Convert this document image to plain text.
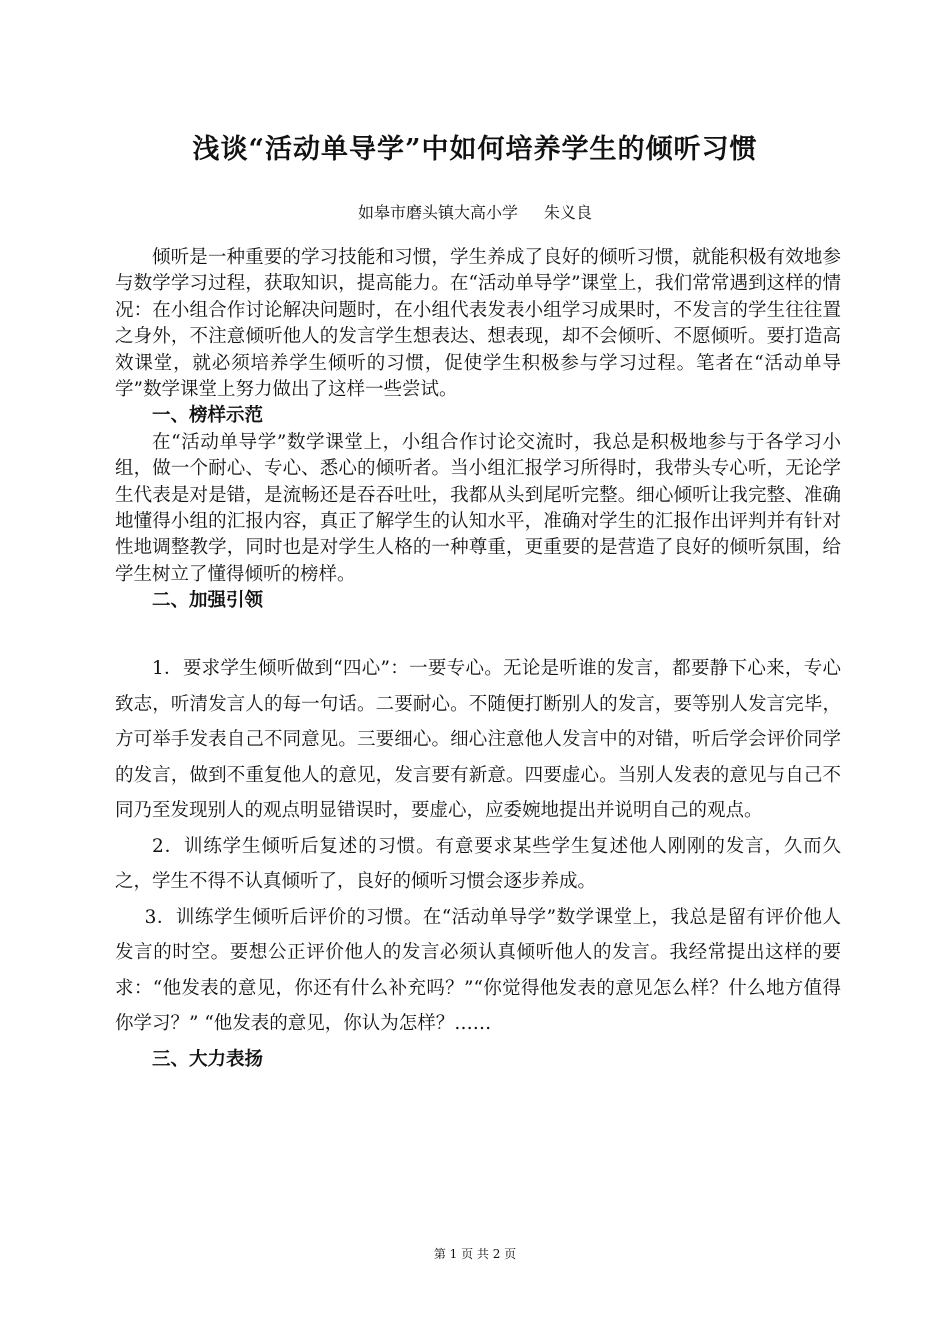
浅谈“活动单导学”中如何培养学生的倾听习惯
如皋市磨头镇大高小学 朱义良

倾听是一种重要的学习技能和习惯，学生养成了良好的倾听习惯，就能积极有效地参与数学学习过程，获取知识，提高能力。在“活动单导学”课堂上，我们常常遇到这样的情况：在小组合作讨论解决问题时，在小组代表发表小组学习成果时，不发言的学生往往置之身外，不注意倾听他人的发言学生想表达、想表现，却不会倾听、不愿倾听。要打造高效课堂，就必须培养学生倾听的习惯，促使学生积极参与学习过程。笔者在“活动单导学”数学课堂上努力做出了这样一些尝试。

一、榜样示范

在“活动单导学”数学课堂上，小组合作讨论交流时，我总是积极地参与于各学习小组，做一个耐心、专心、悉心的倾听者。当小组汇报学习所得时，我带头专心听，无论学生代表是对是错，是流畅还是吞吞吐吐，我都从头到尾听完整。细心倾听让我完整、准确地懂得小组的汇报内容，真正了解学生的认知水平，准确对学生的汇报作出评判并有针对性地调整教学，同时也是对学生人格的一种尊重，更重要的是营造了良好的倾听氛围，给学生树立了懂得倾听的榜样。

二、加强引领

1．要求学生倾听做到“四心”：一要专心。无论是听谁的发言，都要静下心来，专心致志，听清发言人的每一句话。二要耐心。不随便打断别人的发言，要等别人发言完毕，方可举手发表自己不同意见。三要细心。细心注意他人发言中的对错，听后学会评价同学的发言，做到不重复他人的意见，发言要有新意。四要虚心。当别人发表的意见与自己不同乃至发现别人的观点明显错误时，要虚心，应委婉地提出并说明自己的观点。

2．训练学生倾听后复述的习惯。有意要求某些学生复述他人刚刚的发言，久而久之，学生不得不认真倾听了，良好的倾听习惯会逐步养成。

3．训练学生倾听后评价的习惯。在“活动单导学”数学课堂上，我总是留有评价他人发言的时空。要想公正评价他人的发言必须认真倾听他人的发言。我经常提出这样的要求：“他发表的意见，你还有什么补充吗？”“你觉得他发表的意见怎么样？什么地方值得你学习？” “他发表的意见，你认为怎样？……

三、大力表扬

第 1 页 共 2 页
